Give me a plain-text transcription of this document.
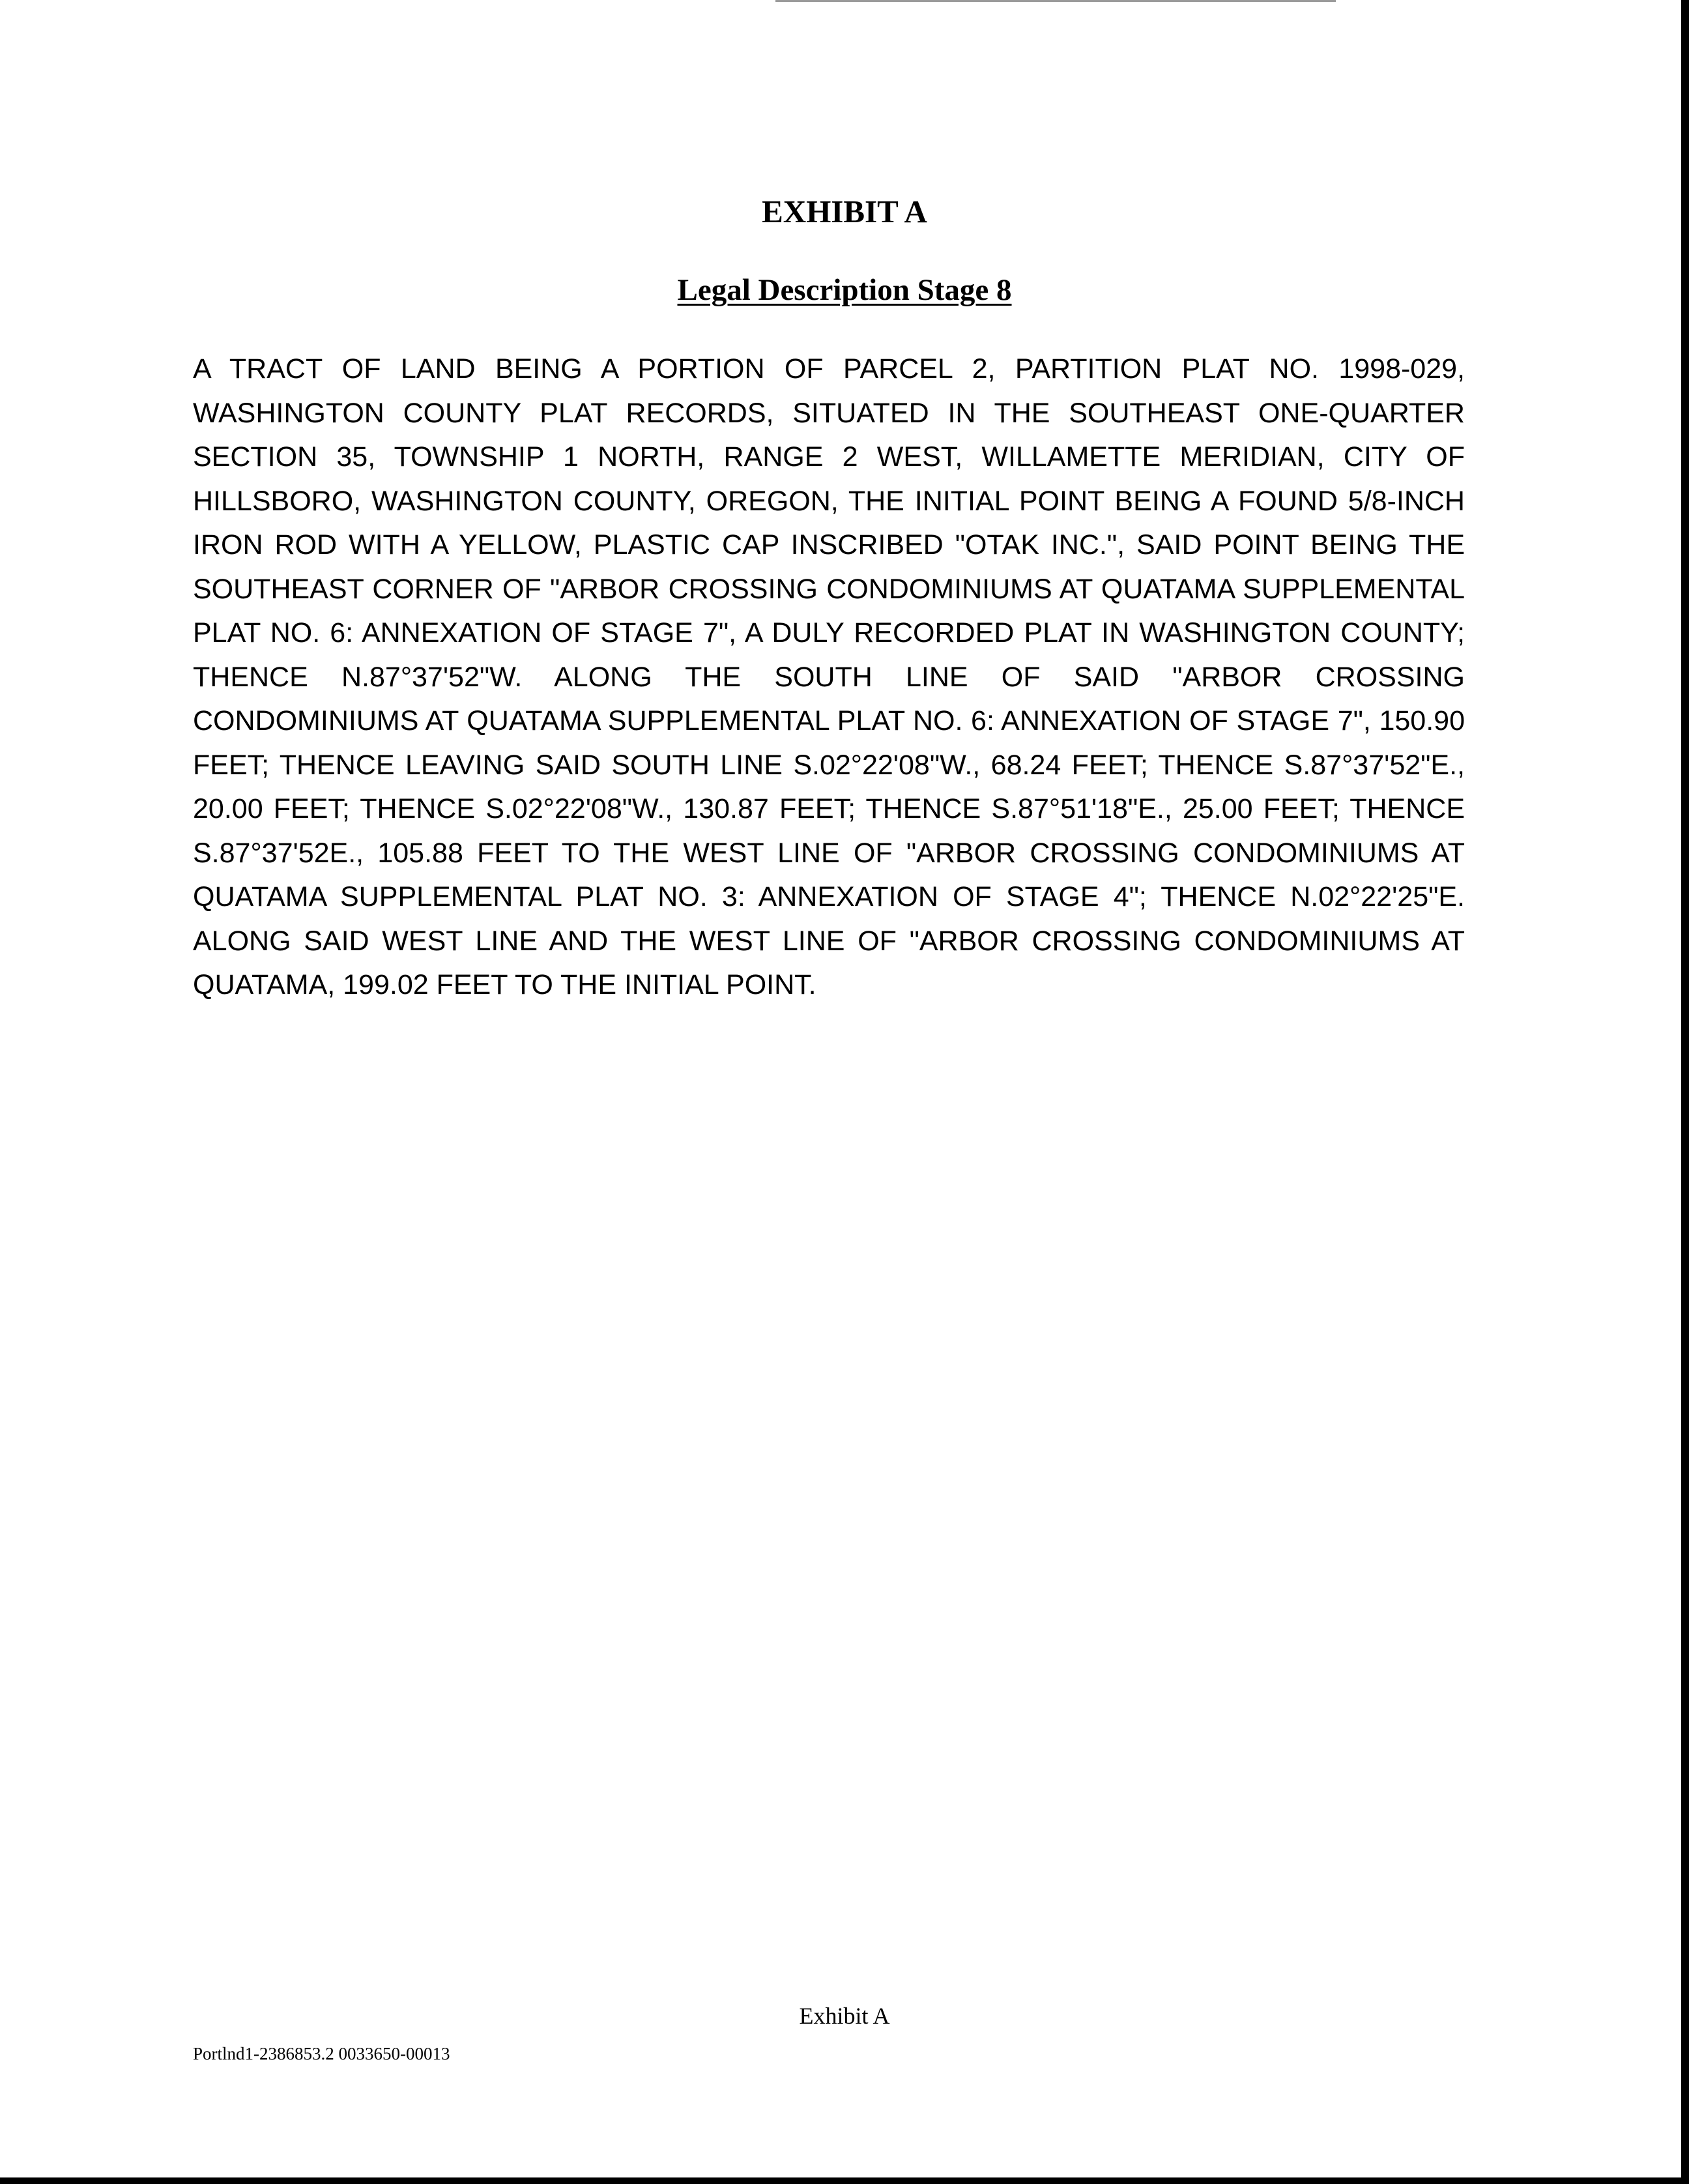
EXHIBIT A
Legal Description Stage 8

A TRACT OF LAND BEING A PORTION OF PARCEL 2, PARTITION PLAT NO. 1998-029, WASHINGTON COUNTY PLAT RECORDS, SITUATED IN THE SOUTHEAST ONE-QUARTER SECTION 35, TOWNSHIP 1 NORTH, RANGE 2 WEST, WILLAMETTE MERIDIAN, CITY OF HILLSBORO, WASHINGTON COUNTY, OREGON, THE INITIAL POINT BEING A FOUND 5/8-INCH IRON ROD WITH A YELLOW, PLASTIC CAP INSCRIBED "OTAK INC.", SAID POINT BEING THE SOUTHEAST CORNER OF "ARBOR CROSSING CONDOMINIUMS AT QUATAMA SUPPLEMENTAL PLAT NO. 6: ANNEXATION OF STAGE 7", A DULY RECORDED PLAT IN WASHINGTON COUNTY; THENCE N.87°37'52"W. ALONG THE SOUTH LINE OF SAID "ARBOR CROSSING CONDOMINIUMS AT QUATAMA SUPPLEMENTAL PLAT NO. 6: ANNEXATION OF STAGE 7", 150.90 FEET; THENCE LEAVING SAID SOUTH LINE S.02°22'08"W., 68.24 FEET; THENCE S.87°37'52"E., 20.00 FEET; THENCE S.02°22'08"W., 130.87 FEET; THENCE S.87°51'18"E., 25.00 FEET; THENCE S.87°37'52E., 105.88 FEET TO THE WEST LINE OF "ARBOR CROSSING CONDOMINIUMS AT QUATAMA SUPPLEMENTAL PLAT NO. 3: ANNEXATION OF STAGE 4"; THENCE N.02°22'25"E. ALONG SAID WEST LINE AND THE WEST LINE OF "ARBOR CROSSING CONDOMINIUMS AT QUATAMA, 199.02 FEET TO THE INITIAL POINT.

Exhibit A

Portlnd1-2386853.2 0033650-00013
